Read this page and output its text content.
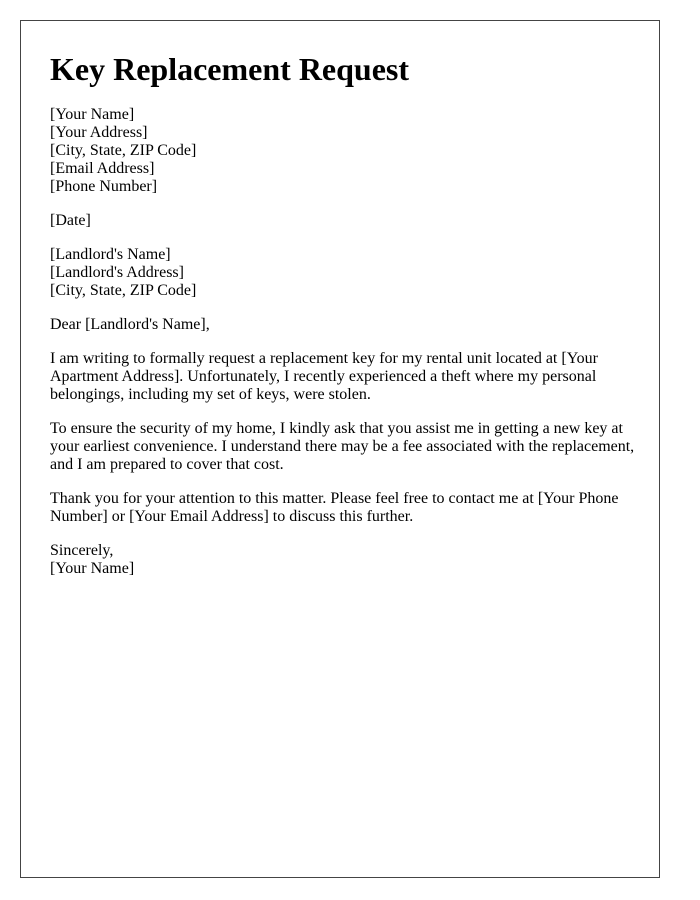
Key Replacement Request
[Your Name]
[Your Address]
[City, State, ZIP Code]
[Email Address]
[Phone Number]
[Date]
[Landlord's Name]
[Landlord's Address]
[City, State, ZIP Code]

Dear [Landlord's Name],

I am writing to formally request a replacement key for my rental unit located at [Your Apartment Address]. Unfortunately, I recently experienced a theft where my personal belongings, including my set of keys, were stolen.

To ensure the security of my home, I kindly ask that you assist me in getting a new key at your earliest convenience. I understand there may be a fee associated with the replacement, and I am prepared to cover that cost.

Thank you for your attention to this matter. Please feel free to contact me at [Your Phone Number] or [Your Email Address] to discuss this further.

Sincerely,
[Your Name]
